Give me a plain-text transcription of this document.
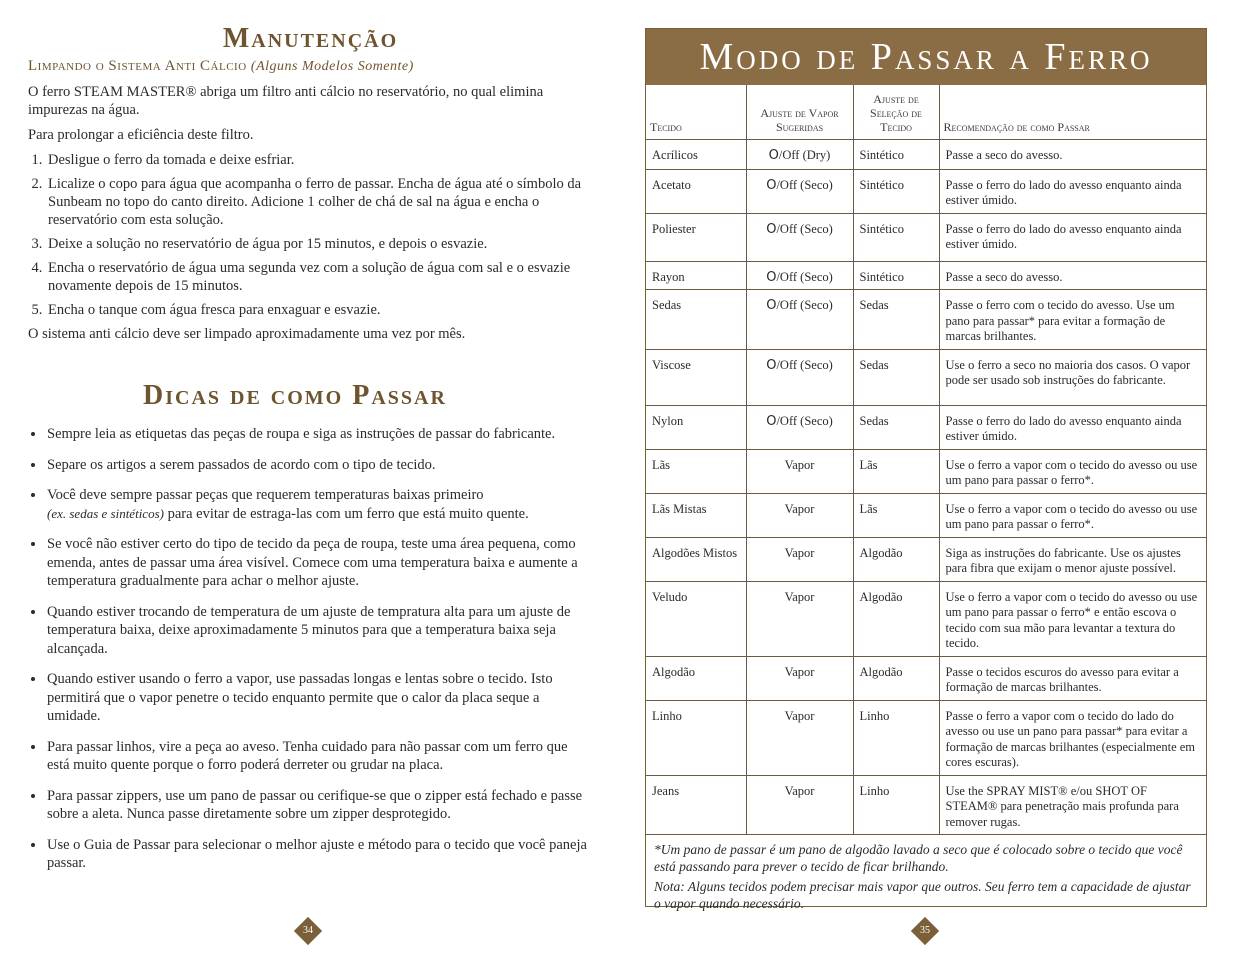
Manutenção
Limpando o Sistema Anti Cálcio (Alguns Modelos Somente)

O ferro STEAM MASTER® abriga um filtro anti cálcio no reservatório, no qual elimina impurezas na água.

Para prolongar a eficiência deste filtro.

1. Desligue o ferro da tomada e deixe esfriar.
2. Licalize o copo para água que acompanha o ferro de passar. Encha de água até o símbolo da Sunbeam no topo do canto direito. Adicione 1 colher de chá de sal na água e encha o reservatório com esta solução.
3. Deixe a solução no reservatório de água por 15 minutos, e depois o esvazie.
4. Encha o reservatório de água uma segunda vez com a solução de água com sal e o esvazie novamente depois de 15 minutos.
5. Encha o tanque com água fresca para enxaguar e esvazie.

O sistema anti cálcio deve ser limpado aproximadamente uma vez por mês.

Dicas de como Passar
• Sempre leia as etiquetas das peças de roupa e siga as instruções de passar do fabricante.
• Separe os artigos a serem passados de acordo com o tipo de tecido.
• Você deve sempre passar peças que requerem temperaturas baixas primeiro
(ex. sedas e sintéticos) para evitar de estraga-las com um ferro que está muito quente.
• Se você não estiver certo do tipo de tecido da peça de roupa, teste uma área pequena, como emenda, antes de passar uma área visível. Comece com uma temperatura baixa e aumente a temperatura gradualmente para achar o melhor ajuste.
• Quando estiver trocando de temperatura de um ajuste de tempratura alta para um ajuste de temperatura baixa, deixe aproximadamente 5 minutos para que a temperatura baixa seja alcançada.
• Quando estiver usando o ferro a vapor, use passadas longas e lentas sobre o tecido. Isto permitirá que o vapor penetre o tecido enquanto permite que o calor da placa seque a umidade.
• Para passar linhos, vire a peça ao aveso. Tenha cuidado para não passar com um ferro que está muito quente porque o forro poderá derreter ou grudar na placa.
• Para passar zippers, use um pano de passar ou cerifique-se que o zipper está fechado e passe sobre a aleta. Nunca passe diretamente sobre um zipper desprotegido.
• Use o Guia de Passar para selecionar o melhor ajuste e método para o tecido que você paneja passar.
34
Modo de Passar a Ferro
Tecido	Ajuste de Vapor Sugeridas	Ajuste de Seleção de Tecido	Recomendação de como Passar
Acrílicos	O/Off (Dry)	Sintético	Passe a seco do avesso.
Acetato	O/Off (Seco)	Sintético	Passe o ferro do lado do avesso enquanto ainda estiver úmido.
Poliester	O/Off (Seco)	Sintético	Passe o ferro do lado do avesso enquanto ainda estiver úmido.
Rayon	O/Off (Seco)	Sintético	Passe a seco do avesso.
Sedas	O/Off (Seco)	Sedas	Passe o ferro com o tecido do avesso. Use um pano para passar* para evitar a formação de marcas brilhantes.
Viscose	O/Off (Seco)	Sedas	Use o ferro a seco no maioria dos casos. O vapor pode ser usado sob instruções do fabricante.
Nylon	O/Off (Seco)	Sedas	Passe o ferro do lado do avesso enquanto ainda estiver úmido.
Lãs	Vapor	Lãs	Use o ferro a vapor com o tecido do avesso ou use um pano para passar o ferro*.
Lãs Mistas	Vapor	Lãs	Use o ferro a vapor com o tecido do avesso ou use um pano para passar o ferro*.
Algodões Mistos	Vapor	Algodão	Siga as instruções do fabricante. Use os ajustes para fibra que exijam o menor ajuste possível.
Veludo	Vapor	Algodão	Use o ferro a vapor com o tecido do avesso ou use um pano para passar o ferro* e então escova o tecido com sua mão para levantar a textura do tecido.
Algodão	Vapor	Algodão	Passe o tecidos escuros do avesso para evitar a formação de marcas brilhantes.
Linho	Vapor	Linho	Passe o ferro a vapor com o tecido do lado do avesso ou use un pano para passar* para evitar a formação de marcas brilhantes (especialmente em cores escuras).
Jeans	Vapor	Linho	Use the SPRAY MIST® e/ou SHOT OF STEAM® para penetração mais profunda para remover rugas.

*Um pano de passar é um pano de algodão lavado a seco que é colocado sobre o tecido que você está passando para prever o tecido de ficar brilhando.

Nota: Alguns tecidos podem precisar mais vapor que outros. Seu ferro tem a capacidade de ajustar o vapor quando necessário.

35
